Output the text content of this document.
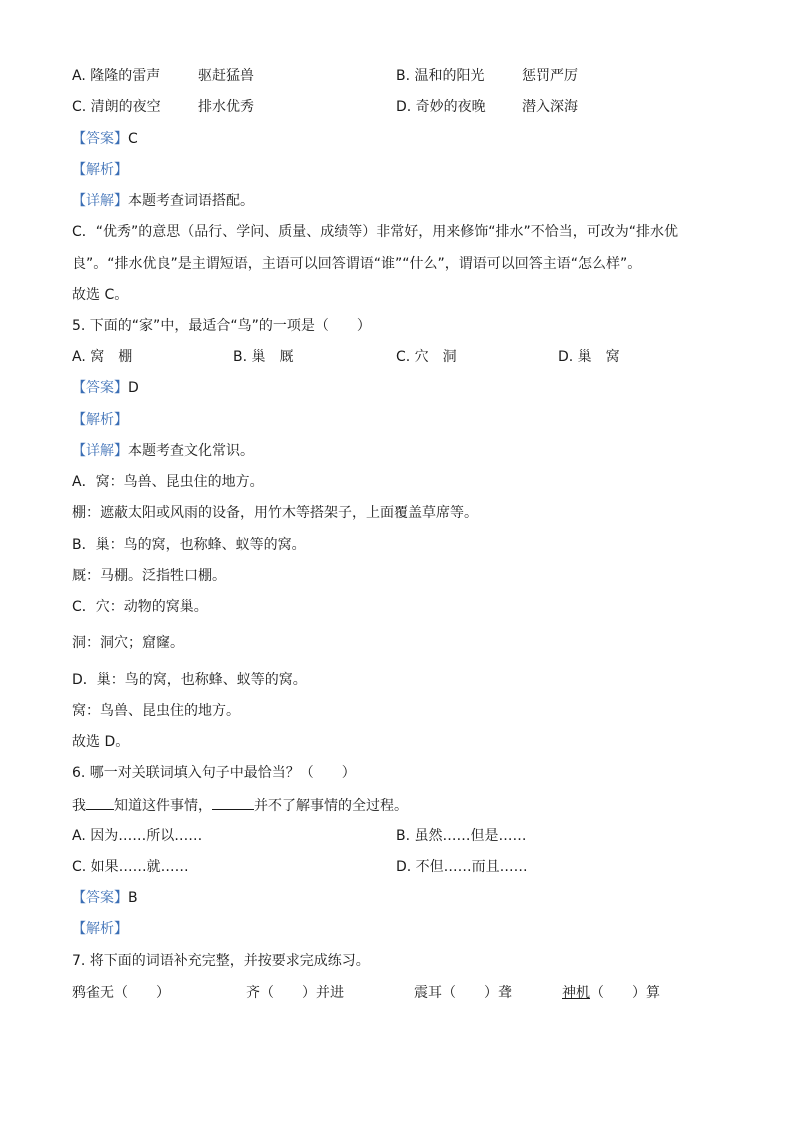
A. 隆隆的雷声	驱赶猛兽	B. 温和的阳光	惩罚严厉
C. 清朗的夜空	排水优秀	D. 奇妙的夜晚	潜入深海
【答案】C
【解析】
【详解】本题考查词语搭配。
C．“优秀”的意思（品行、学问、质量、成绩等）非常好，用来修饰“排水”不恰当，可改为“排水优
良”。“排水优良”是主谓短语，主语可以回答谓语“谁”“什么”，谓语可以回答主语“怎么样”。
故选 C。
5. 下面的“家”中，最适合“鸟”的一项是（　　）
A. 窝　棚	B. 巢　厩	C. 穴　洞	D. 巢　窝
【答案】D
【解析】
【详解】本题考查文化常识。
A．窝：鸟兽、昆虫住的地方。
棚：遮蔽太阳或风雨的设备，用竹木等搭架子，上面覆盖草席等。
B．巢：鸟的窝，也称蜂、蚁等的窝。
厩：马棚。泛指牲口棚。
C．穴：动物的窝巢。
洞：洞穴；窟窿。
D．巢：鸟的窝，也称蜂、蚁等的窝。
窝：鸟兽、昆虫住的地方。
故选 D。
6. 哪一对关联词填入句子中最恰当？（　　）
我 知道这件事情，	并不了解事情的全过程。
A. 因为……所以……	B. 虽然……但是……
C. 如果……就……	D. 不但……而且……
【答案】B
【解析】
7. 将下面的词语补充完整，并按要求完成练习。
鸦雀无（ ）	齐（ ）并进	震耳（ ）聋	神机（ ）算
